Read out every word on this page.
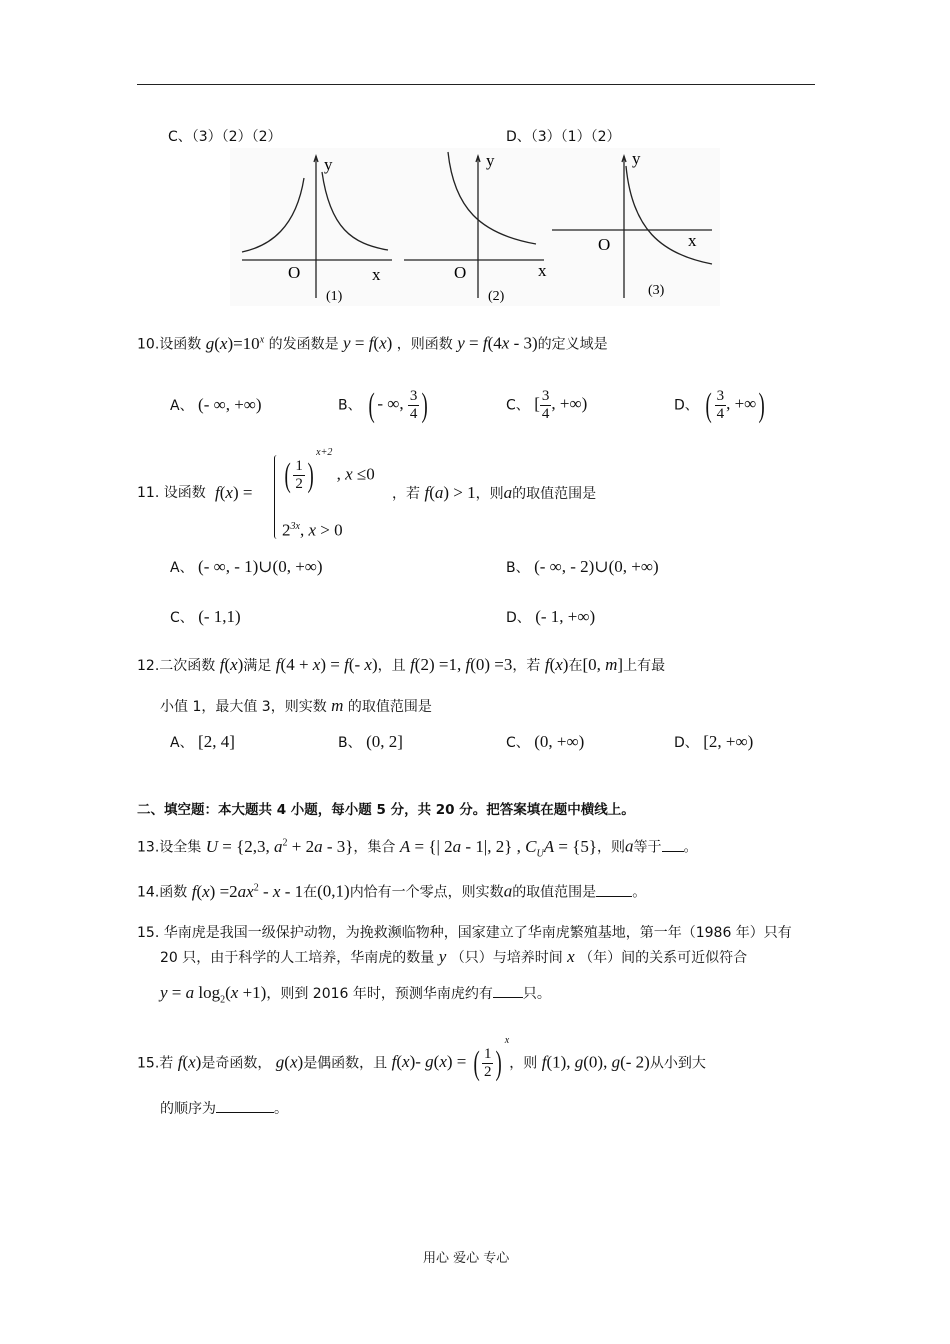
C、（3）（2）（2）	D、（3）（1）（2）
y
O	x
(1)
y
O	x
(2)
y
O	x
(3)
10.设函数 $g(x)=10^x$ 的发函数是 y = f(x) ，则函数 y = f(4x - 3)的定义域是
A、 (- ∞, +∞)	B、 ( - ∞, $\frac{3}{4}$ )	C、 [ $\frac{3}{4}$ , +∞)	D、 ( $\frac{3}{4}$ , +∞)
11. 设函数 f(x) = ( $\frac{1}{2} )^{x+2}$ , x ≤0
$2^{3x}$, x > 0
，若 f(a) > 1，则a的取值范围是
A、 (- ∞, - 1)∪(0, +∞)	B、 (- ∞, - 2)∪(0, +∞)
C、 (- 1,1)	D、 (- 1, +∞)
12.二次函数 f(x)满足 f(4 + x) = f(- x)，且 f(2) =1, f(0) =3，若 f(x)在[0, m]上有最
小值 1，最大值 3，则实数 m 的取值范围是
A、 [2, 4]	B、 (0, 2]	C、 (0, +∞)	D、 [2, +∞)
二、填空题：本大题共 4 小题，每小题 5 分，共 20 分。把答案填在题中横线上。
13.设全集 U = {2,3, $a^2 + 2a - 3$}，集合 A = {| 2a - 1|, 2} , $C_UA = \{5\}$，则a等于 。
14.函数 $f(x) =2ax^2 - x - 1$在(0,1)内恰有一个零点，则实数a的取值范围是	。
15. 华南虎是我国一级保护动物，为挽救濒临物种，国家建立了华南虎繁殖基地，第一年（1986 年）只有
20 只，由于科学的人工培养，华南虎的数量 y （只）与培养时间 x （年）间的关系可近似符合
y = a $\log_2(x +1)$，则到 2016 年时，预测华南虎约有 只。
15.若 f(x)是奇函数， g(x)是偶函数，且 f(x)- g(x) = ( $\frac{1}{2} )^x$，则 f(1), g(0), g(- 2)从小到大
的顺序为	。
用心 爱心 专心
